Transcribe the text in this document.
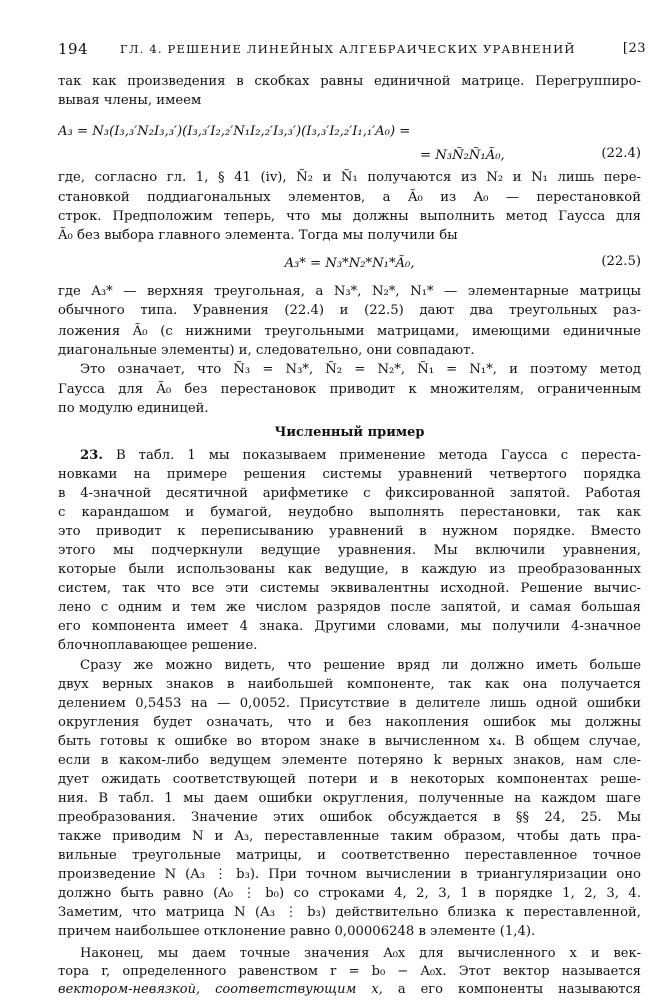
194	ГЛ. 4. РЕШЕНИЕ ЛИНЕЙНЫХ АЛГЕБРАИЧЕСКИХ УРАВНЕНИЙ	[23
так как произведения в скобках равны единичной матрице. Перегруппиро-
вывая члены, имеем
A₃ = N₃(I₃,₃′N₂I₃,₃′)(I₃,₃′I₂,₂′N₁I₂,₂′I₃,₃′)(I₃,₃′I₂,₂′I₁,₁′A₀) =
= N₃Ñ₂Ñ₁Ã₀,	(22.4)
где, согласно гл. 1, § 41 (iv), Ñ₂ и Ñ₁ получаются из N₂ и N₁ лишь пере-
становкой поддиагональных элементов, а Ã₀ из A₀ — перестановкой
строк. Предположим теперь, что мы должны выполнить метод Гаусса для
Ã₀ без выбора главного элемента. Тогда мы получили бы
A₃* = N₃*N₂*N₁*Ã₀,	(22.5)
где A₃* — верхняя треугольная, а N₃*, N₂*, N₁* — элементарные матрицы
обычного типа. Уравнения (22.4) и (22.5) дают два треугольных раз-
ложения Ã₀ (с нижними треугольными матрицами, имеющими единичные
диагональные элементы) и, следовательно, они совпадают.
Это означает, что Ñ₃ = N₃*, Ñ₂ = N₂*, Ñ₁ = N₁*, и поэтому метод
Гаусса для Ã₀ без перестановок приводит к множителям, ограниченным
по модулю единицей.
Численный пример
23. В табл. 1 мы показываем применение метода Гаусса с переста-
новками на примере решения системы уравнений четвертого порядка
в 4-значной десятичной арифметике с фиксированной запятой. Работая
с карандашом и бумагой, неудобно выполнять перестановки, так как
это приводит к переписыванию уравнений в нужном порядке. Вместо
этого мы подчеркнули ведущие уравнения. Мы включили уравнения,
которые были использованы как ведущие, в каждую из преобразованных
систем, так что все эти системы эквивалентны исходной. Решение вычис-
лено с одним и тем же числом разрядов после запятой, и самая большая
его компонента имеет 4 знака. Другими словами, мы получили 4-значное
блочноплавающее решение.
Сразу же можно видеть, что решение вряд ли должно иметь больше
двух верных знаков в наибольшей компоненте, так как она получается
делением 0,5453 на — 0,0052. Присутствие в делителе лишь одной ошибки
округления будет означать, что и без накопления ошибок мы должны
быть готовы к ошибке во втором знаке в вычисленном x₄. В общем случае,
если в каком-либо ведущем элементе потеряно k верных знаков, нам сле-
дует ожидать соответствующей потери и в некоторых компонентах реше-
ния. В табл. 1 мы даем ошибки округления, полученные на каждом шаге
преобразования. Значение этих ошибок обсуждается в §§ 24, 25. Мы
также приводим N и A₃, переставленные таким образом, чтобы дать пра-
вильные треугольные матрицы, и соответственно переставленное точное
произведение N (A₃ ⋮ b₃). При точном вычислении в триангуляризации оно
должно быть равно (A₀ ⋮ b₀) со строками 4, 2, 3, 1 в порядке 1, 2, 3, 4.
Заметим, что матрица N (A₃ ⋮ b₃) действительно близка к переставленной,
причем наибольшее отклонение равно 0,00006248 в элементе (1,4).
Наконец, мы даем точные значения A₀x для вычисленного x и век-
тора r, определенного равенством r = b₀ − A₀x. Этот вектор называется
вектором-невязкой, соответствующим x, а его компоненты называются
